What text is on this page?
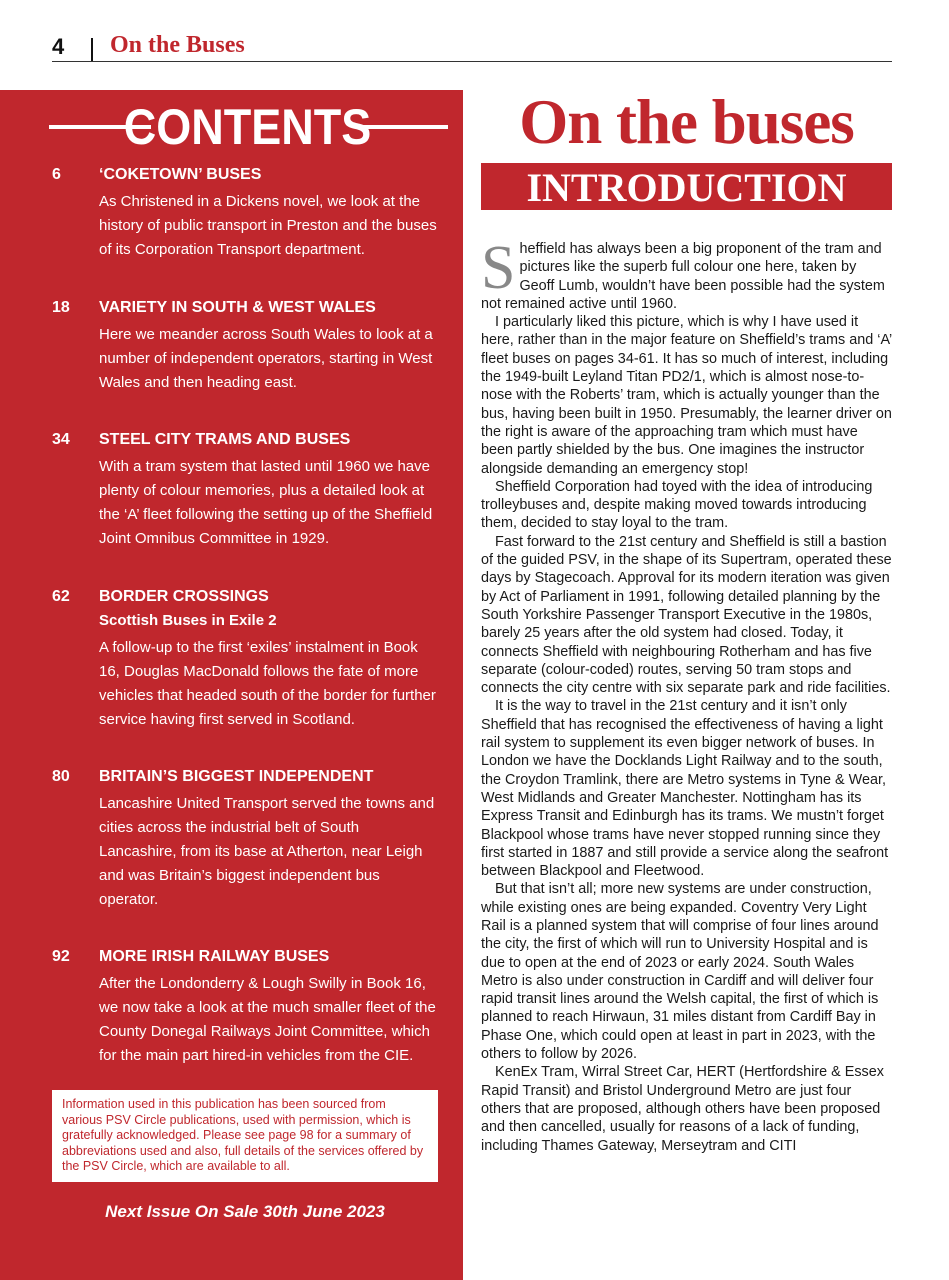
4 On the Buses
CONTENTS
6 ‘COKETOWN’ BUSES
As Christened in a Dickens novel, we look at the history of public transport in Preston and the buses of its Corporation Transport department.
18 VARIETY IN SOUTH & WEST WALES
Here we meander across South Wales to look at a number of independent operators, starting in West Wales and then heading east.
34 STEEL CITY TRAMS AND BUSES
With a tram system that lasted until 1960 we have plenty of colour memories, plus a detailed look at the ‘A’ fleet following the setting up of the Sheffield Joint Omnibus Committee in 1929.
62 BORDER CROSSINGS
Scottish Buses in Exile 2
A follow-up to the first ‘exiles’ instalment in Book 16, Douglas MacDonald follows the fate of more vehicles that headed south of the border for further service having first served in Scotland.
80 BRITAIN’S BIGGEST INDEPENDENT
Lancashire United Transport served the towns and cities across the industrial belt of South Lancashire, from its base at Atherton, near Leigh and was Britain’s biggest independent bus operator.
92 MORE IRISH RAILWAY BUSES
After the Londonderry & Lough Swilly in Book 16, we now take a look at the much smaller fleet of the County Donegal Railways Joint Committee, which for the main part hired-in vehicles from the CIE.
Information used in this publication has been sourced from various PSV Circle publications, used with permission, which is gratefully acknowledged. Please see page 98 for a summary of abbreviations used and also, full details of the services offered by the PSV Circle, which are available to all.
Next Issue On Sale 30th June 2023
On the buses
INTRODUCTION

Sheffield has always been a big proponent of the tram and pictures like the superb full colour one here, taken by Geoff Lumb, wouldn’t have been possible had the system not remained active until 1960.

I particularly liked this picture, which is why I have used it here, rather than in the major feature on Sheffield’s trams and ‘A’ fleet buses on pages 34-61. It has so much of interest, including the 1949-built Leyland Titan PD2/1, which is almost nose-to-nose with the Roberts’ tram, which is actually younger than the bus, having been built in 1950. Presumably, the learner driver on the right is aware of the approaching tram which must have been partly shielded by the bus. One imagines the instructor alongside demanding an emergency stop!

Sheffield Corporation had toyed with the idea of introducing trolleybuses and, despite making moved towards introducing them, decided to stay loyal to the tram.

Fast forward to the 21st century and Sheffield is still a bastion of the guided PSV, in the shape of its Supertram, operated these days by Stagecoach. Approval for its modern iteration was given by Act of Parliament in 1991, following detailed planning by the South Yorkshire Passenger Transport Executive in the 1980s, barely 25 years after the old system had closed. Today, it connects Sheffield with neighbouring Rotherham and has five separate (colour-coded) routes, serving 50 tram stops and connects the city centre with six separate park and ride facilities.

It is the way to travel in the 21st century and it isn’t only Sheffield that has recognised the effectiveness of having a light rail system to supplement its even bigger network of buses. In London we have the Docklands Light Railway and to the south, the Croydon Tramlink, there are Metro systems in Tyne & Wear, West Midlands and Greater Manchester. Nottingham has its Express Transit and Edinburgh has its trams. We mustn’t forget Blackpool whose trams have never stopped running since they first started in 1887 and still provide a service along the seafront between Blackpool and Fleetwood.

But that isn’t all; more new systems are under construction, while existing ones are being expanded. Coventry Very Light Rail is a planned system that will comprise of four lines around the city, the first of which will run to University Hospital and is due to open at the end of 2023 or early 2024. South Wales Metro is also under construction in Cardiff and will deliver four rapid transit lines around the Welsh capital, the first of which is planned to reach Hirwaun, 31 miles distant from Cardiff Bay in Phase One, which could open at least in part in 2023, with the others to follow by 2026.

KenEx Tram, Wirral Street Car, HERT (Hertfordshire & Essex Rapid Transit) and Bristol Underground Metro are just four others that are proposed, although others have been proposed and then cancelled, usually for reasons of a lack of funding, including Thames Gateway, Merseytram and CITI
